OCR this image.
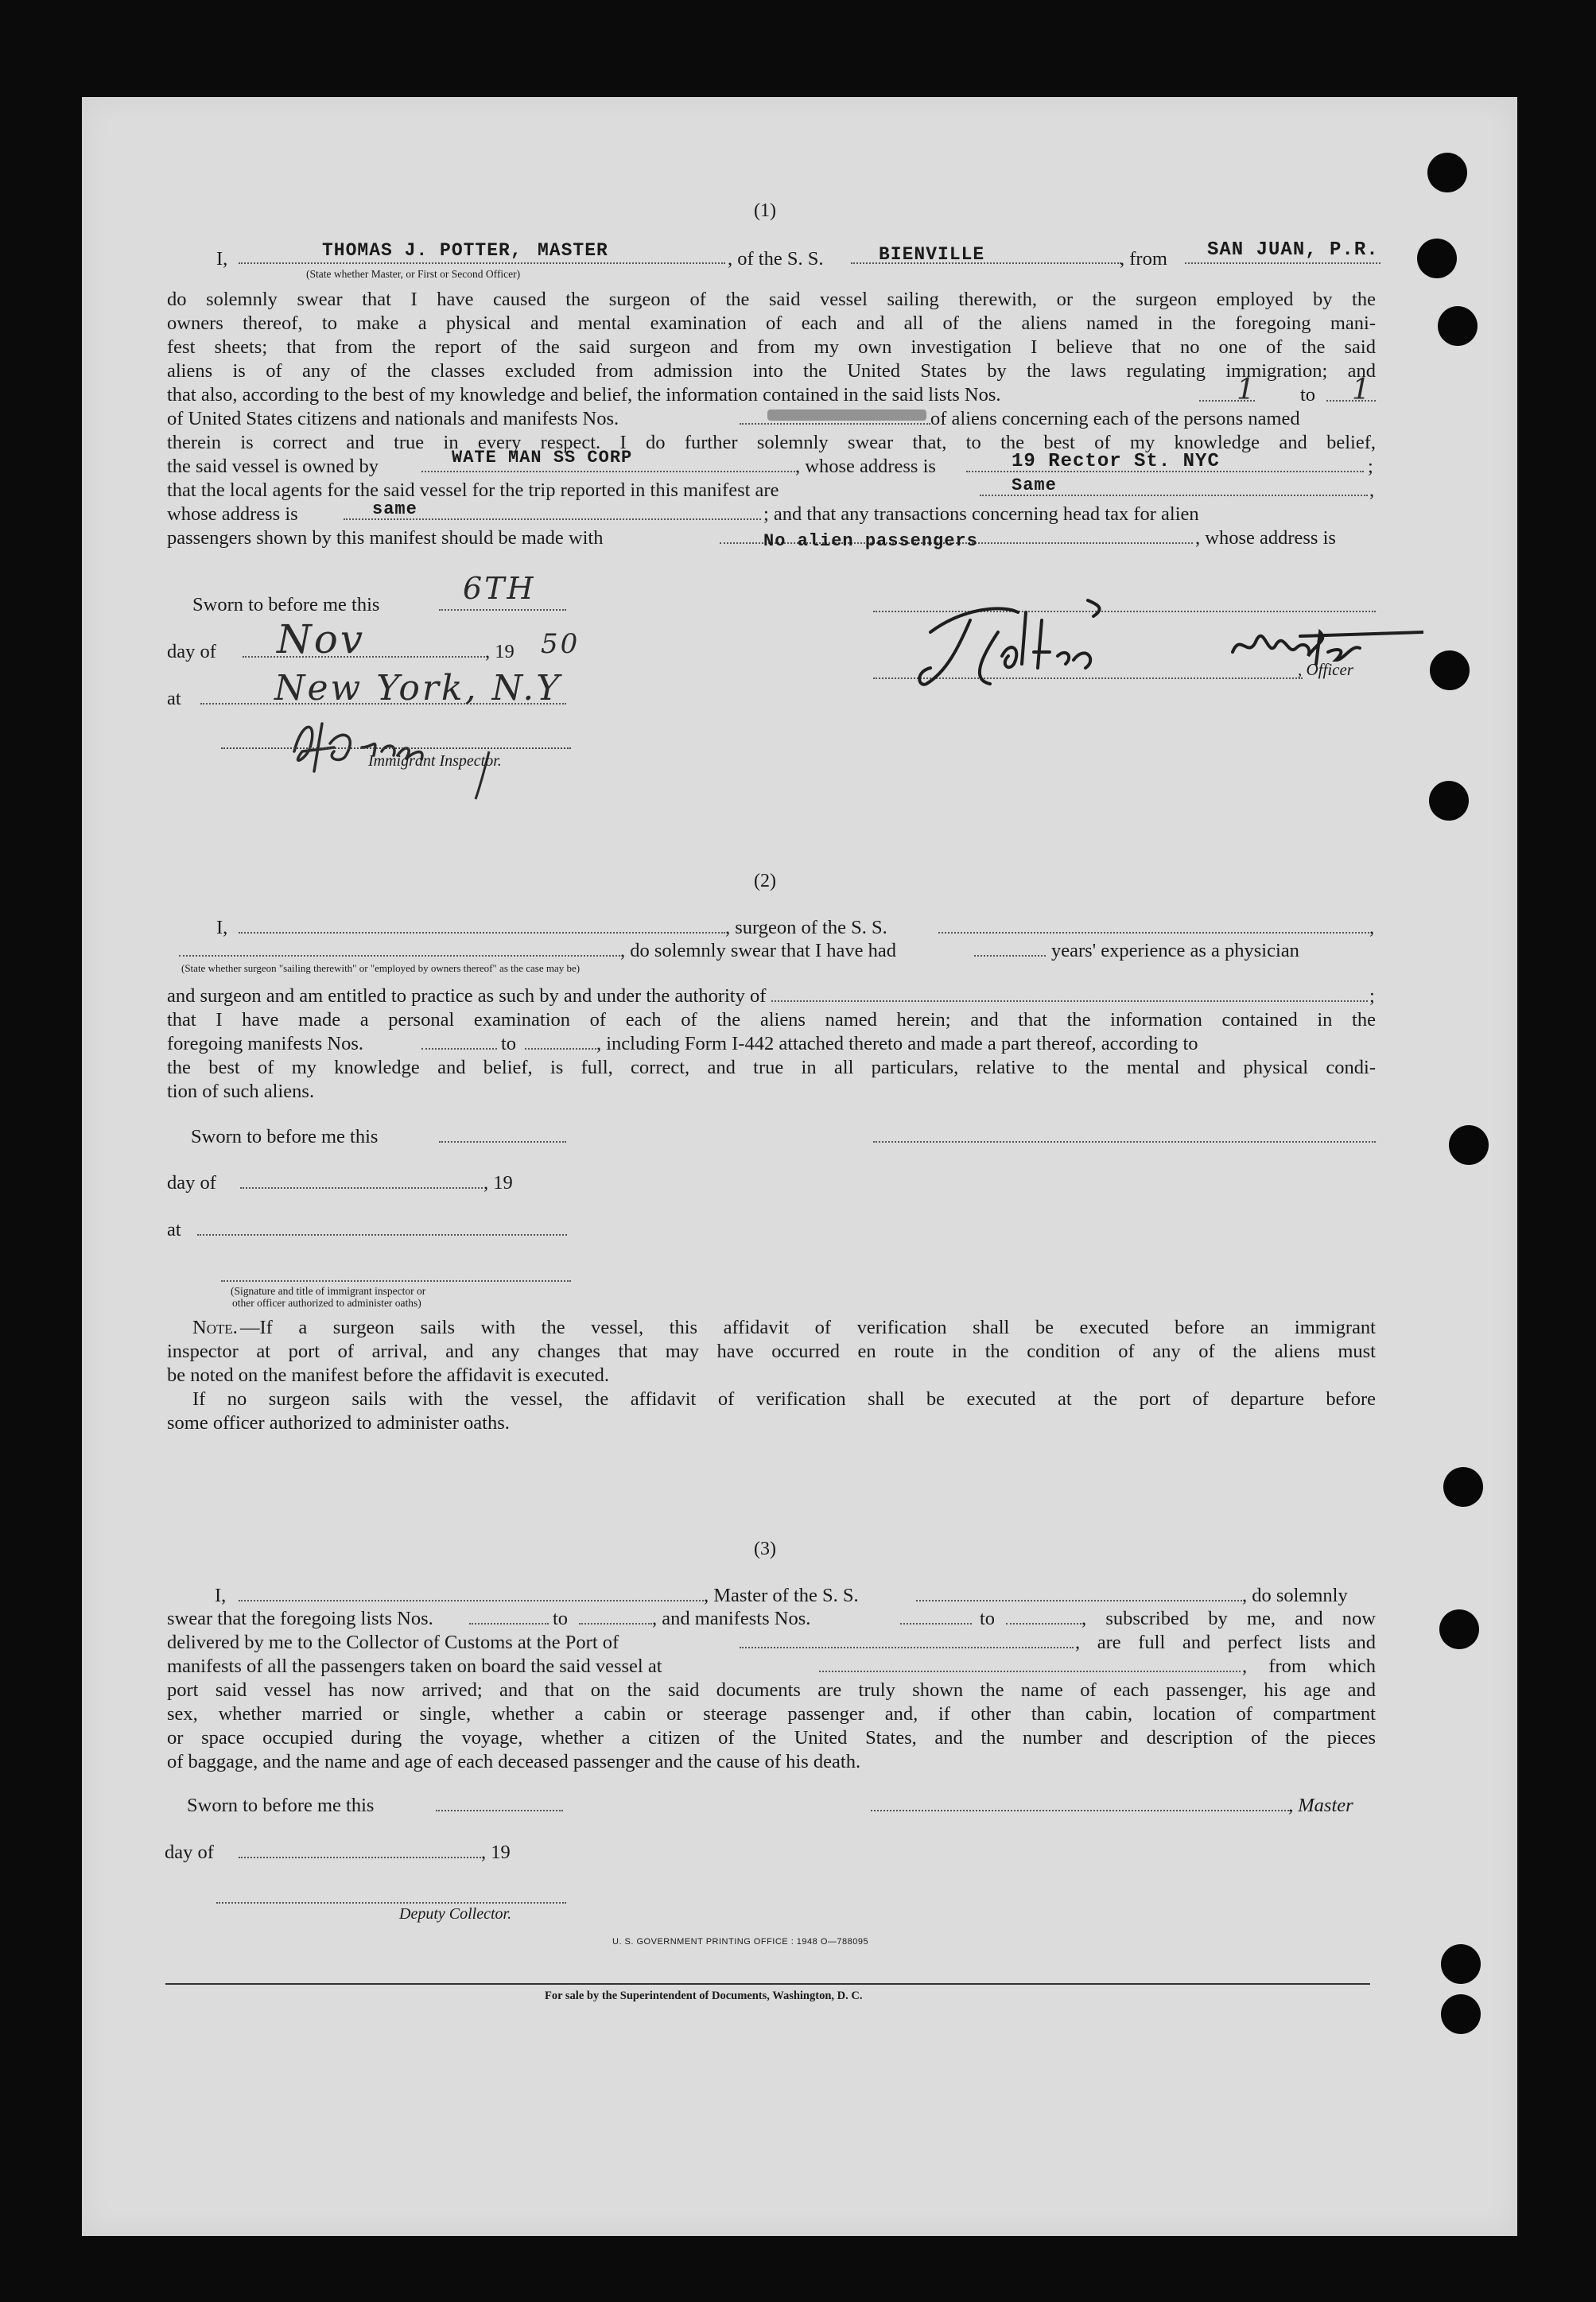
(1)
I,	THOMAS J. POTTER, MASTER
(State whether Master, or First or Second Officer)
, of the S. S.	BIENVILLE	, from SAN JUAN, P.R.
do solemnly swear that I have caused the surgeon of the said vessel sailing therewith, or the surgeon employed by the
owners thereof, to make a physical and mental examination of each and all of the aliens named in the foregoing mani-
fest sheets; that from the report of the said surgeon and from my own investigation I believe that no one of the said
aliens is of any of the classes excluded from admission into the United States by the laws regulating immigration; and
that also, according to the best of my knowledge and belief, the information contained in the said lists Nos.	1 to 1
of United States citizens and nationals and manifests Nos.	of aliens concerning each of the persons named
therein is correct and true in every respect. I do further solemnly swear that, to the best of my knowledge and belief,
the said vessel is owned by	WATE MAN SS CORP	, whose address is	19 Rector St. NYC	;
that the local agents for the said vessel for the trip reported in this manifest are	Same	,
whose address is	same	; and that any transactions concerning head tax for alien
passengers shown by this manifest should be made with	No alien passengers	, whose address is
Sworn to before me this	6TH
day of Nov	, 19 50
at	New York, N.Y
Immigrant Inspector.
, Officer
(2)
I,	, surgeon of the S. S.	,
, do solemnly swear that I have had	years' experience as a physician
(State whether surgeon "sailing therewith" or "employed by owners thereof" as the case may be)
and surgeon and am entitled to practice as such by and under the authority of	;
that I have made a personal examination of each of the aliens named herein; and that the information contained in the
foregoing manifests Nos.	to	, including Form I-442 attached thereto and made a part thereof, according to
the best of my knowledge and belief, is full, correct, and true in all particulars, relative to the mental and physical condi-
tion of such aliens.
Sworn to before me this
day of	, 19
at
(Signature and title of immigrant inspector or
other officer authorized to administer oaths)
Note. —If a surgeon sails with the vessel, this affidavit of verification shall be executed before an immigrant
inspector at port of arrival, and any changes that may have occurred en route in the condition of any of the aliens must
be noted on the manifest before the affidavit is executed.
If no surgeon sails with the vessel, the affidavit of verification shall be executed at the port of departure before
some officer authorized to administer oaths.
(3)
I,	, Master of the S. S.	, do solemnly
swear that the foregoing lists Nos.	to	, and manifests Nos.	to	, subscribed by me, and now
delivered by me to the Collector of Customs at the Port of	, are full and perfect lists and
manifests of all the passengers taken on board the said vessel at	, from which
port said vessel has now arrived; and that on the said documents are truly shown the name of each passenger, his age and
sex, whether married or single, whether a cabin or steerage passenger and, if other than cabin, location of compartment
or space occupied during the voyage, whether a citizen of the United States, and the number and description of the pieces
of baggage, and the name and age of each deceased passenger and the cause of his death.
Sworn to before me this	, Master
day of	, 19
Deputy Collector.
U. S. GOVERNMENT PRINTING OFFICE : 1948 O—788095
For sale by the Superintendent of Documents, Washington, D. C.
